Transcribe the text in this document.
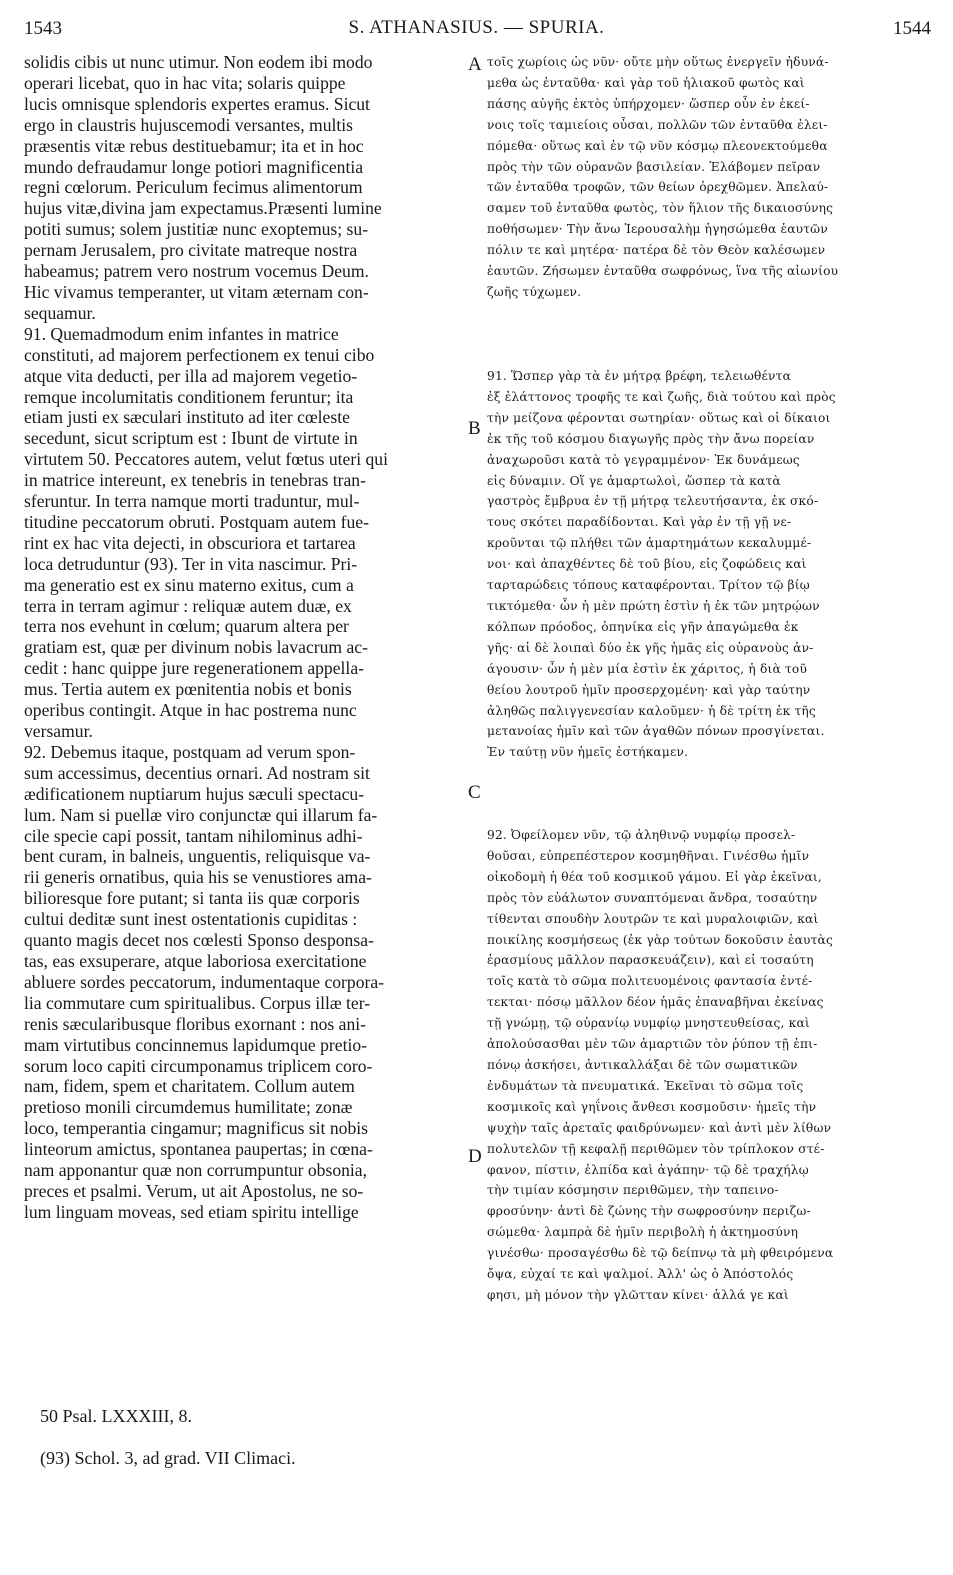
1543	S. ATHANASIUS. — SPURIA.	1544
solidis cibis ut nunc utimur. Non eodem ibi modo
operari licebat, quo in hac vita; solaris quippe
lucis omnisque splendoris expertes eramus. Sicut
ergo in claustris hujuscemodi versantes, multis
præsentis vitæ rebus destituebamur; ita et in hoc
mundo defraudamur longe potiori magnificentia
regni cœlorum. Periculum fecimus alimentorum
hujus vitæ,divina jam expectamus.Præsenti lumine
potiti sumus; solem justitiæ nunc exoptemus; su-
pernam Jerusalem, pro civitate matreque nostra
habeamus; patrem vero nostrum vocemus Deum.
Hic vivamus temperanter, ut vitam æternam con-
sequamur.
91. Quemadmodum enim infantes in matrice
constituti, ad majorem perfectionem ex tenui cibo
atque vita deducti, per illa ad majorem vegetio-
remque incolumitatis conditionem feruntur; ita
etiam justi ex sæculari instituto ad iter cœleste
secedunt, sicut scriptum est : Ibunt de virtute in
virtutem 50. Peccatores autem, velut fœtus uteri qui
in matrice intereunt, ex tenebris in tenebras tran-
sferuntur. In terra namque morti traduntur, mul-
titudine peccatorum obruti. Postquam autem fue-
rint ex hac vita dejecti, in obscuriora et tartarea
loca detruduntur (93). Ter in vita nascimur. Pri-
ma generatio est ex sinu materno exitus, cum a
terra in terram agimur : reliquæ autem duæ, ex
terra nos evehunt in cœlum; quarum altera per
gratiam est, quæ per divinum nobis lavacrum ac-
cedit : hanc quippe jure regenerationem appella-
mus. Tertia autem ex pœnitentia nobis et bonis
operibus contingit. Atque in hac postrema nunc
versamur.
92. Debemus itaque, postquam ad verum spon-
sum accessimus, decentius ornari. Ad nostram sit
ædificationem nuptiarum hujus sæculi spectacu-
lum. Nam si puellæ viro conjunctæ qui illarum fa-
cile specie capi possit, tantam nihilominus adhi-
bent curam, in balneis, unguentis, reliquisque va-
rii generis ornatibus, quia his se venustiores ama-
bilioresque fore putant; si tanta iis quæ corporis
cultui deditæ sunt inest ostentationis cupiditas :
quanto magis decet nos cœlesti Sponso desponsa-
tas, eas exsuperare, atque laboriosa exercitatione
abluere sordes peccatorum, indumentaque corpora-
lia commutare cum spiritualibus. Corpus illæ ter-
renis sæcularibusque floribus exornant : nos ani-
mam virtutibus concinnemus lapidumque pretio-
sorum loco capiti circumponamus triplicem coro-
nam, fidem, spem et charitatem. Collum autem
pretioso monili circumdemus humilitate; zonæ
loco, temperantia cingamur; magnificus sit nobis
linteorum amictus, spontanea paupertas; in cœna-
nam apponantur quæ non corrumpuntur obsonia,
preces et psalmi. Verum, ut ait Apostolus, ne so-
lum linguam moveas, sed etiam spiritu intellige
τοῖς χωρίοις ὡς νῦν· οὔτε μὴν οὕτως ἐνεργεῖν ἠδυνά-
μεθα ὡς ἐνταῦθα· καὶ γὰρ τοῦ ἡλιακοῦ φωτὸς καὶ
πάσης αὐγῆς ἐκτὸς ὑπήρχομεν· ὥσπερ οὖν ἐν ἐκεί-
νοις τοῖς ταμιείοις οὖσαι, πολλῶν τῶν ἐνταῦθα ἐλει-
πόμεθα· οὕτως καὶ ἐν τῷ νῦν κόσμῳ πλεονεκτούμεθα
πρὸς τὴν τῶν οὐρανῶν βασιλείαν. Ἐλάβομεν πεῖραν
τῶν ἐνταῦθα τροφῶν, τῶν θείων ὀρεχθῶμεν. Ἀπελαύ-
σαμεν τοῦ ἐνταῦθα φωτὸς, τὸν ἥλιον τῆς δικαιοσύνης
ποθήσωμεν· Τὴν ἄνω Ἱερουσαλὴμ ἡγησώμεθα ἑαυτῶν
πόλιν τε καὶ μητέρα· πατέρα δὲ τὸν Θεὸν καλέσωμεν
ἑαυτῶν. Ζήσωμεν ἐνταῦθα σωφρόνως, ἵνα τῆς αἰωνίου
ζωῆς τύχωμεν.
91. Ὥσπερ γὰρ τὰ ἐν μήτρᾳ βρέφη, τελειωθέντα
ἐξ ἐλάττονος τροφῆς τε καὶ ζωῆς, διὰ τούτου καὶ πρὸς
τὴν μείζονα φέρονται σωτηρίαν· οὕτως καὶ οἱ δίκαιοι
ἐκ τῆς τοῦ κόσμου διαγωγῆς πρὸς τὴν ἄνω πορείαν
ἀναχωροῦσι κατὰ τὸ γεγραμμένον· Ἐκ δυνάμεως
εἰς δύναμιν. Οἵ γε ἁμαρτωλοὶ, ὥσπερ τὰ κατὰ
γαστρὸς ἔμβρυα ἐν τῇ μήτρᾳ τελευτήσαντα, ἐκ σκό-
τους σκότει παραδίδονται. Καὶ γὰρ ἐν τῇ γῇ νε-
κροῦνται τῷ πλήθει τῶν ἁμαρτημάτων κεκαλυμμέ-
νοι· καὶ ἀπαχθέντες δὲ τοῦ βίου, εἰς ζοφώδεις καὶ
ταρταρώδεις τόπους καταφέρονται. Τρίτον τῷ βίῳ
τικτόμεθα· ὧν ἡ μὲν πρώτη ἐστὶν ἡ ἐκ τῶν μητρῴων
κόλπων πρόοδος, ὁπηνίκα εἰς γῆν ἀπαγώμεθα ἐκ
γῆς· αἱ δὲ λοιπαὶ δύο ἐκ γῆς ἡμᾶς εἰς οὐρανοὺς ἀν-
άγουσιν· ὧν ἡ μὲν μία ἐστὶν ἐκ χάριτος, ἡ διὰ τοῦ
θείου λουτροῦ ἡμῖν προσερχομένη· καὶ γὰρ ταύτην
ἀληθῶς παλιγγενεσίαν καλοῦμεν· ἡ δὲ τρίτη ἐκ τῆς
μετανοίας ἡμῖν καὶ τῶν ἀγαθῶν πόνων προσγίνεται.
Ἐν ταύτῃ νῦν ἡμεῖς ἐστήκαμεν.
92. Ὀφείλομεν νῦν, τῷ ἀληθινῷ νυμφίῳ προσελ-
θοῦσαι, εὐπρεπέστερον κοσμηθῆναι. Γινέσθω ἡμῖν
οἰκοδομὴ ἡ θέα τοῦ κοσμικοῦ γάμου. Εἰ γὰρ ἐκεῖναι,
πρὸς τὸν εὐάλωτον συναπτόμεναι ἄνδρα, τοσαύτην
τίθενται σπουδὴν λουτρῶν τε καὶ μυραλοιφιῶν, καὶ
ποικίλης κοσμήσεως (ἐκ γὰρ τούτων δοκοῦσιν ἑαυτὰς
ἐρασμίους μᾶλλον παρασκευάζειν), καὶ εἰ τοσαύτη
τοῖς κατὰ τὸ σῶμα πολιτευομένοις φαντασία ἐντέ-
τεκται· πόσῳ μᾶλλον δέον ἡμᾶς ἐπαναβῆναι ἐκείνας
τῇ γνώμῃ, τῷ οὐρανίῳ νυμφίῳ μνηστευθείσας, καὶ
ἀπολούσασθαι μὲν τῶν ἁμαρτιῶν τὸν ῥύπον τῇ ἐπι-
πόνῳ ἀσκήσει, ἀντικαλλάξαι δὲ τῶν σωματικῶν
ἐνδυμάτων τὰ πνευματικά. Ἐκεῖναι τὸ σῶμα τοῖς
κοσμικοῖς καὶ γηΐνοις ἄνθεσι κοσμοῦσιν· ἡμεῖς τὴν
ψυχὴν ταῖς ἀρεταῖς φαιδρύνωμεν· καὶ ἀντὶ μὲν λίθων
πολυτελῶν τῇ κεφαλῇ περιθῶμεν τὸν τρίπλοκον στέ-
φανον, πίστιν, ἐλπίδα καὶ ἀγάπην· τῷ δὲ τραχήλῳ
τὴν τιμίαν κόσμησιν περιθῶμεν, τὴν ταπεινο-
φροσύνην· ἀντὶ δὲ ζώνης τὴν σωφροσύνην περιζω-
σώμεθα· λαμπρὰ δὲ ἡμῖν περιβολὴ ἡ ἀκτημοσύνη
γινέσθω· προσαγέσθω δὲ τῷ δείπνῳ τὰ μὴ φθειρόμενα
ὄψα, εὐχαί τε καὶ ψαλμοί. Ἀλλ' ὡς ὁ Ἀπόστολός
φησι, μὴ μόνον τὴν γλῶτταν κίνει· ἀλλά γε καὶ
A
B
C
D
50 Psal. LXXXIII, 8.
(93) Schol. 3, ad grad. VII Climaci.
